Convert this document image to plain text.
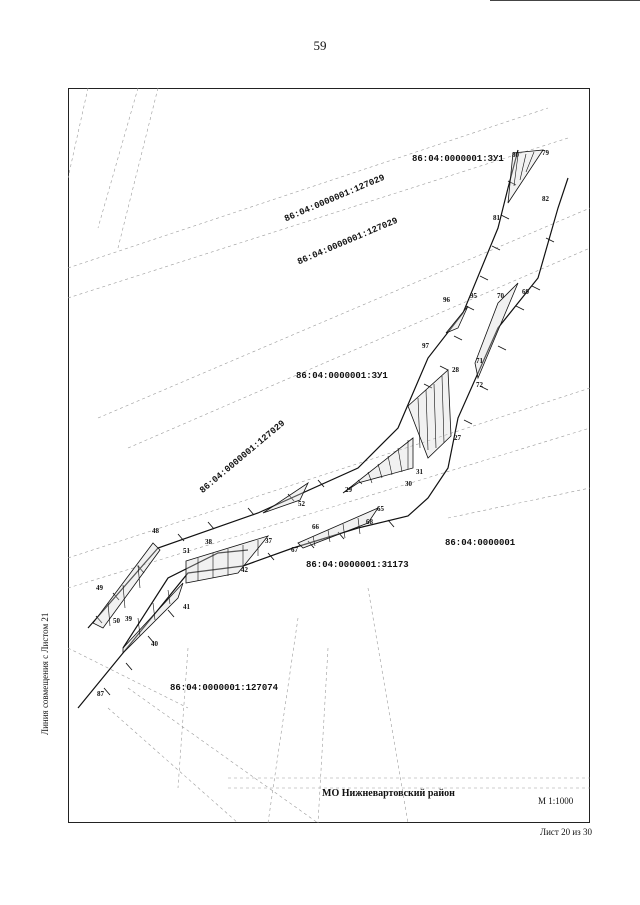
59
86:04:0000001:ЗУ1
86:04:0000001:127029
86:04:0000001:127029
86:04:0000001:ЗУ1
86:04:0000001:127029
86:04:0000001
86:04:0000001:31173
86:04:0000001:127074
80	79
82
81
96	95	70	69
97
28
71
72
27
31
30
29
52
65
66
68
48
38	37
51	67
42
49
41
50 39
40
87
МО Нижневартовский район
М 1:1000
Линия совмещения с Листом 21
Лист 20 из 30
